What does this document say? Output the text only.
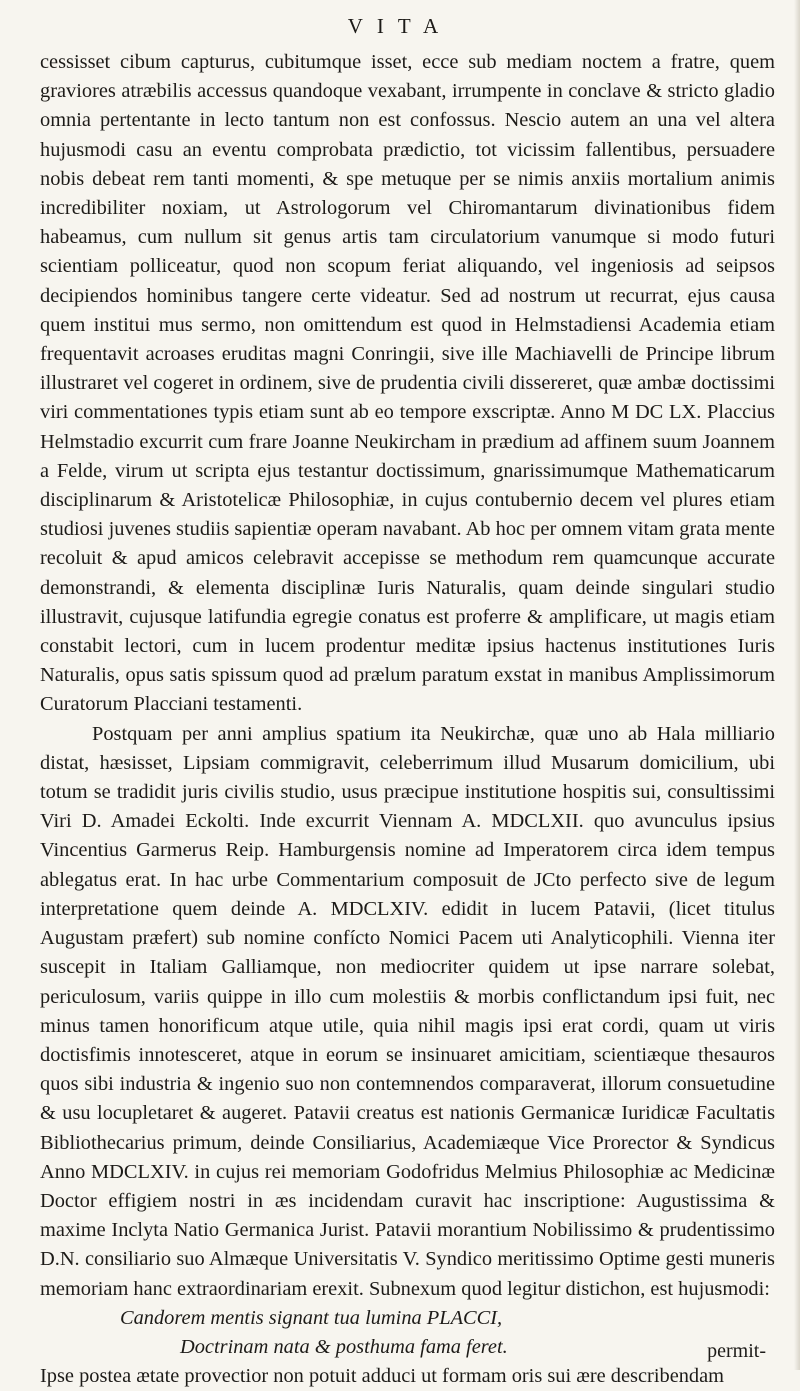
VITA

cessisset cibum capturus, cubitumque isset, ecce sub mediam noctem a fratre, quem graviores atræbilis accessus quandoque vexabant, irrumpente in conclave & stricto gladio omnia pertentante in lecto tantum non est confossus. Nescio autem an una vel altera hujusmodi casu an eventu comprobata prædictio, tot vicissim fallentibus, persuadere nobis debeat rem tanti momenti, & spe metuque per se nimis anxiis mortalium animis incredibiliter noxiam, ut Astrologorum vel Chiromantarum divinationibus fidem habeamus, cum nullum sit genus artis tam circulatorium vanumque si modo futuri scientiam polliceatur, quod non scopum feriat aliquando, vel ingeniosis ad seipsos decipiendos hominibus tangere certe videatur. Sed ad nostrum ut recurrat, ejus causa quem institui mus sermo, non omittendum est quod in Helmstadiensi Academia etiam frequentavit acroases eruditas magni Conringii, sive ille Machiavelli de Principe librum illustraret vel cogeret in ordinem, sive de prudentia civili dissereret, quæ ambæ doctissimi viri commentationes typis etiam sunt ab eo tempore exscriptæ. Anno M DC LX. Placcius Helmstadio excurrit cum frare Joanne Neukircham in prædium ad affinem suum Joannem a Felde, virum ut scripta ejus testantur doctissimum, gnarissimumque Mathematicarum disciplinarum & Aristotelicæ Philosophiæ, in cujus contubernio decem vel plures etiam studiosi juvenes studiis sapientiæ operam navabant. Ab hoc per omnem vitam grata mente recoluit & apud amicos celebravit accepisse se methodum rem quamcunque accurate demonstrandi, & elementa disciplinæ Iuris Naturalis, quam deinde singulari studio illustravit, cujusque latifundia egregie conatus est proferre & amplificare, ut magis etiam constabit lectori, cum in lucem prodentur meditæ ipsius hactenus institutiones Iuris Naturalis, opus satis spissum quod ad prælum paratum exstat in manibus Amplissimorum Curatorum Placciani testamenti.

Postquam per anni amplius spatium ita Neukirchæ, quæ uno ab Hala milliario distat, hæsisset, Lipsiam commigravit, celeberrimum illud Musarum domicilium, ubi totum se tradidit juris civilis studio, usus præcipue institutione hospitis sui, consultissimi Viri D. Amadei Eckolti. Inde excurrit Viennam A. MDCLXII. quo avunculus ipsius Vincentius Garmerus Reip. Hamburgensis nomine ad Imperatorem circa idem tempus ablegatus erat. In hac urbe Commentarium composuit de JCto perfecto sive de legum interpretatione quem deinde A. MDCLXIV. edidit in lucem Patavii, (licet titulus Augustam præfert) sub nomine confícto Nomici Pacem uti Analyticophili. Vienna iter suscepit in Italiam Galliamque, non mediocriter quidem ut ipse narrare solebat, periculosum, variis quippe in illo cum molestiis & morbis conflictandum ipsi fuit, nec minus tamen honorificum atque utile, quia nihil magis ipsi erat cordi, quam ut viris doctisfimis innotesceret, atque in eorum se insinuaret amicitiam, scientiæque thesauros quos sibi industria & ingenio suo non contemnendos comparaverat, illorum consuetudine & usu locupletaret & augeret. Patavii creatus est nationis Germanicæ Iuridicæ Facultatis Bibliothecarius primum, deinde Consiliarius, Academiæque Vice Prorector & Syndicus Anno MDCLXIV. in cujus rei memoriam Godofridus Melmius Philosophiæ ac Medicinæ Doctor effigiem nostri in æs incidendam curavit hac inscriptione: Augustissima & maxime Inclyta Natio Germanica Jurist. Patavii morantium Nobilissimo & prudentissimo D.N. consiliario suo Almæque Universitatis V. Syndico meritissimo Optime gesti muneris memoriam hanc extraordinariam erexit. Subnexum quod legitur distichon, est hujusmodi:

Candorem mentis signant tua lumina PLACCI,

Doctrinam nata & posthuma fama feret.

Ipse postea ætate provectior non potuit adduci ut formam oris sui ære describendam

permit-
